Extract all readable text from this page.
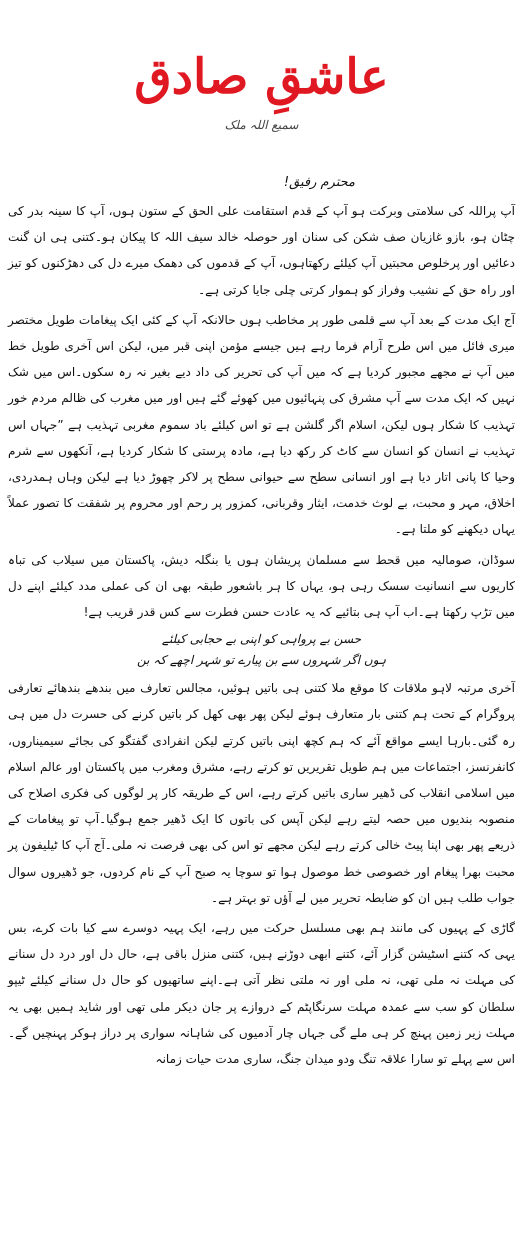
عاشقِ صادق
سمیع اللہ ملک
محترم رفیق!

آپ پراللہ کی سلامتی وبرکت ہو آپ کے قدم استقامت علی الحق کے ستون ہوں، آپ کا سینہ بدر کی چٹان ہو، بازو غازیان صف شکن کی سنان اور حوصلہ خالد سیف اللہ کا پیکان ہو۔کتنی ہی ان گنت دعائیں اور پرخلوص محبتیں آپ کیلئے رکھتاہوں، آپ کے قدموں کی دھمک میرے دل کی دھڑکنوں کو تیز اور راہ حق کے نشیب وفراز کو ہموار کرتی چلی جایا کرتی ہے۔

آج ایک مدت کے بعد آپ سے قلمی طور پر مخاطب ہوں حالانکہ آپ کے کئی ایک پیغامات طویل مختصر میری فائل میں اس طرح آرام فرما رہے ہیں جیسے مؤمن اپنی قبر میں، لیکن اس آخری طویل خط میں آپ نے مجھے مجبور کردیا ہے کہ میں آپ کی تحریر کی داد دیے بغیر نہ رہ سکوں۔اس میں شک نہیں کہ ایک مدت سے آپ مشرق کی پنہائیوں میں کھوئے گئے ہیں اور میں مغرب کی ظالم مردم خور تہذیب کا شکار ہوں لیکن، اسلام اگر گلشن ہے تو اس کیلئے باد سموم مغربی تہذیب ہے ”جہاں اس تہذیب نے انسان کو انسان سے کاٹ کر رکھ دیا ہے، مادہ پرستی کا شکار کردیا ہے، آنکھوں سے شرم وحیا کا پانی اتار دیا ہے اور انسانی سطح سے حیوانی سطح پر لاکر چھوڑ دیا ہے لیکن وہاں ہمدردی، اخلاق، مہر و محبت، بے لوث خدمت، ایثار وقربانی، کمزور پر رحم اور محروم پر شفقت کا تصور عملاً یہاں دیکھنے کو ملتا ہے۔

سوڈان، صومالیہ میں قحط سے مسلمان پریشان ہوں یا بنگلہ دیش، پاکستان میں سیلاب کی تباہ کاریوں سے انسانیت سسک رہی ہو، یہاں کا ہر باشعور طبقہ بھی ان کی عملی مدد کیلئے اپنے دل میں تڑپ رکھتا ہے۔اب آپ ہی بتائیے کہ یہ عادت حسن فطرت سے کس قدر قریب ہے!

حسن بے پرواہی کو اپنی بے حجابی کیلئے
ہوں اگر شہروں سے بن پیارے تو شہر اچھے کہ بن

آخری مرتبہ لاہو ملاقات کا موقع ملا کتنی ہی باتیں ہوئیں، مجالس تعارف میں بندھے بندھائے تعارفی پروگرام کے تحت ہم کتنی بار متعارف ہوئے لیکن پھر بھی کھل کر باتیں کرنے کی حسرت دل میں ہی رہ گئی۔بارہا ایسے مواقع آئے کہ ہم کچھ اپنی باتیں کرتے لیکن انفرادی گفتگو کی بجائے سیمیناروں، کانفرنسز، اجتماعات میں ہم طویل تقریریں تو کرتے رہے، مشرق ومغرب میں پاکستان اور عالم اسلام میں اسلامی انقلاب کی ڈھیر ساری باتیں کرتے رہے، اس کے طریقہ کار پر لوگوں کی فکری اصلاح کی منصوبہ بندیوں میں حصہ لیتے رہے لیکن آپس کی باتوں کا ایک ڈھیر جمع ہوگیا۔آپ تو پیغامات کے ذریعے پھر بھی اپنا پیٹ خالی کرتے رہے لیکن مجھے تو اس کی بھی فرصت نہ ملی۔آج آپ کا ٹیلیفون پر محبت بھرا پیغام اور خصوصی خط موصول ہوا تو سوچا یہ صبح آپ کے نام کردوں، جو ڈھیروں سوال جواب طلب ہیں ان کو ضابطہ تحریر میں لے آؤں تو بہتر ہے۔

گاڑی کے پہیوں کی مانند ہم بھی مسلسل حرکت میں رہے، ایک پہیہ دوسرے سے کیا بات کرے، بس یہی کہ کتنے اسٹیشن گزار آئے، کتنے ابھی دوڑنے ہیں، کتنی منزل باقی ہے، حال دل اور درد دل سنانے کی مہلت نہ ملی تھی، نہ ملی اور نہ ملتی نظر آتی ہے۔اپنے ساتھیوں کو حال دل سنانے کیلئے ٹیپو سلطان کو سب سے عمدہ مہلت سرنگاپٹم کے دروازے پر جان دیکر ملی تھی اور شاید ہمیں بھی یہ مہلت زیر زمین پہنچ کر ہی ملے گی جہاں چار آدمیوں کی شاہانہ سواری پر دراز ہوکر پہنچیں گے۔اس سے پہلے تو سارا علاقہ تنگ ودو میدان جنگ، ساری مدت حیات زمانہ
